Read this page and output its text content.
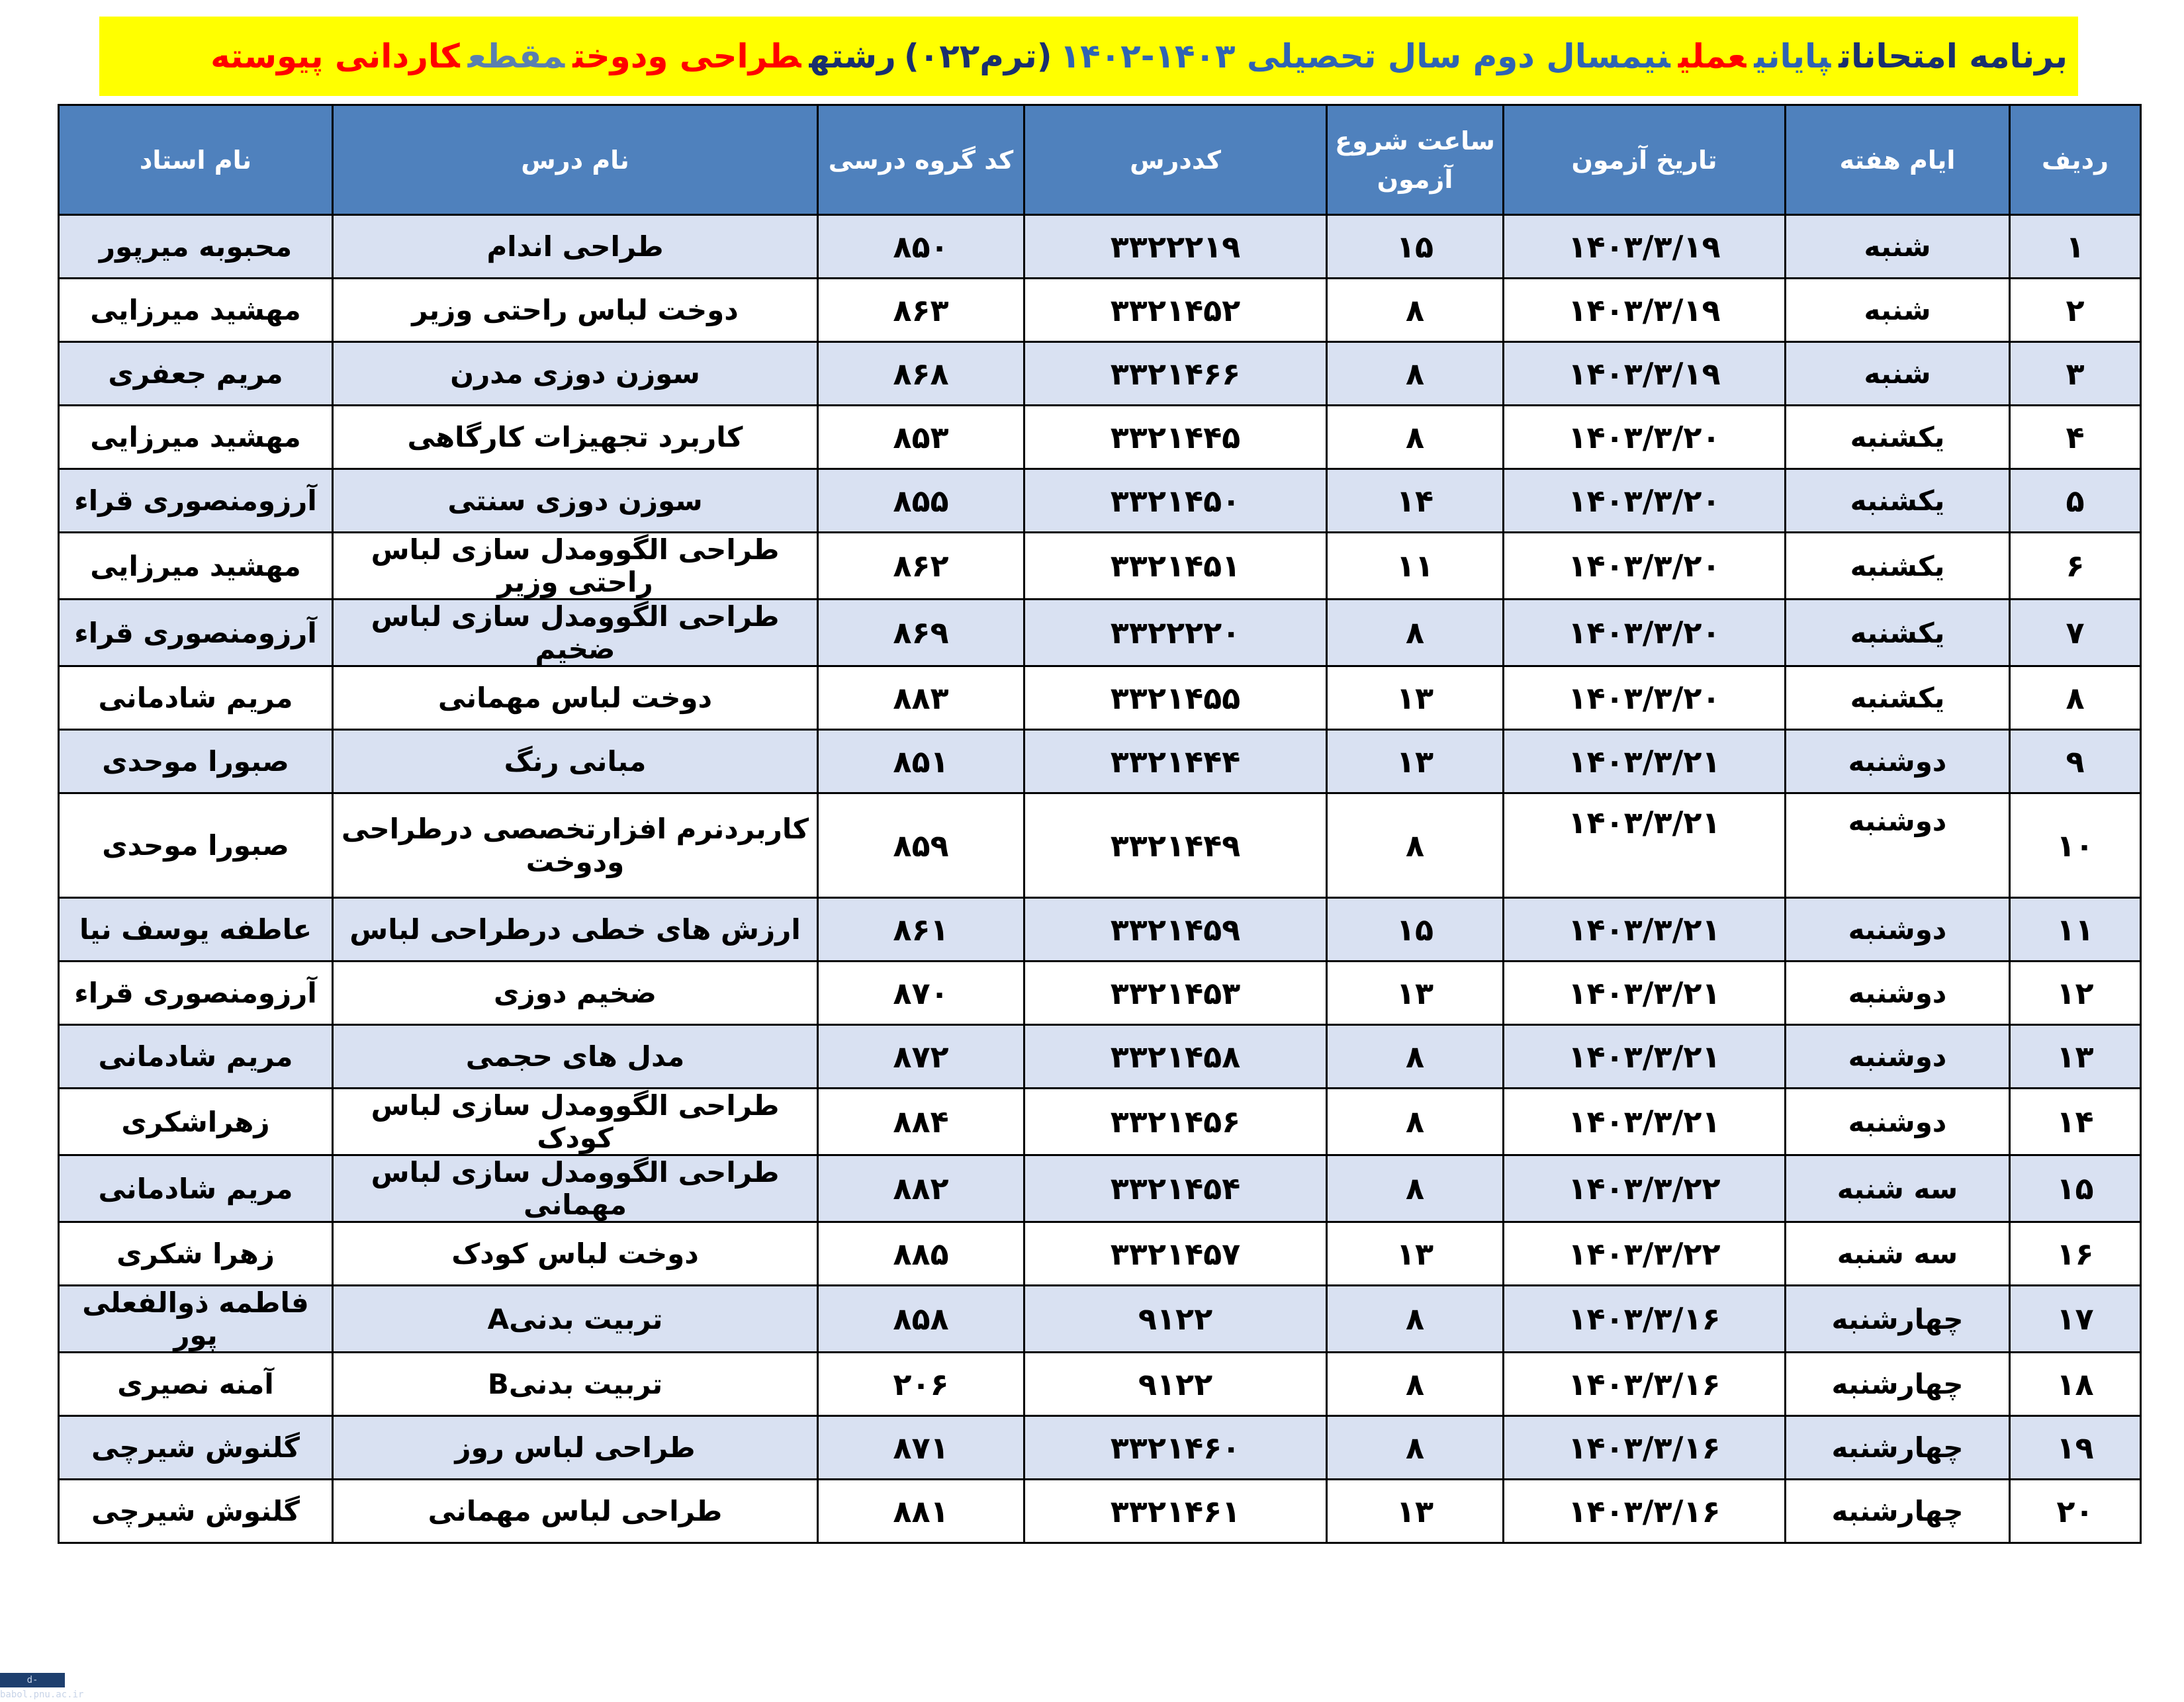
برنامه امتحاناتپایانیعملینیمسال دوم سال تحصیلی ۱۴۰۳-۱۴۰۲(ترم۰۲۲)رشتهطراحی ودوختمقطعکاردانی پیوسته
ردیف	ایام هفته	تاریخ آزمون	ساعت شروع آزمون	کددرس	کد گروه درسی	نام درس	نام استاد
۱	شنبه	۱۴۰۳/۳/۱۹	۱۵	۳۳۲۲۲۱۹	۸۵۰	طراحی اندام	محبوبه میرپور
۲	شنبه	۱۴۰۳/۳/۱۹	۸	۳۳۲۱۴۵۲	۸۶۳	دوخت لباس راحتی وزیر	مهشید میرزایی
۳	شنبه	۱۴۰۳/۳/۱۹	۸	۳۳۲۱۴۶۶	۸۶۸	سوزن دوزی مدرن	مریم جعفری
۴	یکشنبه	۱۴۰۳/۳/۲۰	۸	۳۳۲۱۴۴۵	۸۵۳	کاربرد تجهیزات کارگاهی	مهشید میرزایی
۵	یکشنبه	۱۴۰۳/۳/۲۰	۱۴	۳۳۲۱۴۵۰	۸۵۵	سوزن دوزی سنتی	آرزومنصوری قراء
۶	یکشنبه	۱۴۰۳/۳/۲۰	۱۱	۳۳۲۱۴۵۱	۸۶۲	طراحی الگوومدل سازی لباس راحتی وزیر	مهشید میرزایی
۷	یکشنبه	۱۴۰۳/۳/۲۰	۸	۳۳۲۲۲۲۰	۸۶۹	طراحی الگوومدل سازی لباس ضخیم	آرزومنصوری قراء
۸	یکشنبه	۱۴۰۳/۳/۲۰	۱۳	۳۳۲۱۴۵۵	۸۸۳	دوخت لباس مهمانی	مریم شادمانی
۹	دوشنبه	۱۴۰۳/۳/۲۱	۱۳	۳۳۲۱۴۴۴	۸۵۱	مبانی رنگ	صبورا موحدی
۱۰	دوشنبه	۱۴۰۳/۳/۲۱	۸	۳۳۲۱۴۴۹	۸۵۹	کاربردنرم افزارتخصصی درطراحی ودوخت	صبورا موحدی
۱۱	دوشنبه	۱۴۰۳/۳/۲۱	۱۵	۳۳۲۱۴۵۹	۸۶۱	ارزش های خطی درطراحی لباس	عاطفه یوسف نیا
۱۲	دوشنبه	۱۴۰۳/۳/۲۱	۱۳	۳۳۲۱۴۵۳	۸۷۰	ضخیم دوزی	آرزومنصوری قراء
۱۳	دوشنبه	۱۴۰۳/۳/۲۱	۸	۳۳۲۱۴۵۸	۸۷۲	مدل های حجمی	مریم شادمانی
۱۴	دوشنبه	۱۴۰۳/۳/۲۱	۸	۳۳۲۱۴۵۶	۸۸۴	طراحی الگوومدل سازی لباس کودک	زهراشکری
۱۵	سه شنبه	۱۴۰۳/۳/۲۲	۸	۳۳۲۱۴۵۴	۸۸۲	طراحی الگوومدل سازی لباس مهمانی	مریم شادمانی
۱۶	سه شنبه	۱۴۰۳/۳/۲۲	۱۳	۳۳۲۱۴۵۷	۸۸۵	دوخت لباس کودک	زهرا شکری
۱۷	چهارشنبه	۱۴۰۳/۳/۱۶	۸	۹۱۲۲	۸۵۸	تربیت بدنیA	فاطمه ذوالفعلی پور
۱۸	چهارشنبه	۱۴۰۳/۳/۱۶	۸	۹۱۲۲	۲۰۶	تربیت بدنیB	آمنه نصیری
۱۹	چهارشنبه	۱۴۰۳/۳/۱۶	۸	۳۳۲۱۴۶۰	۸۷۱	طراحی لباس روز	گلنوش شیرچی
۲۰	چهارشنبه	۱۴۰۳/۳/۱۶	۱۳	۳۳۲۱۴۶۱	۸۸۱	طراحی لباس مهمانی	گلنوش شیرچی
d-babol.pnu.ac.ir
